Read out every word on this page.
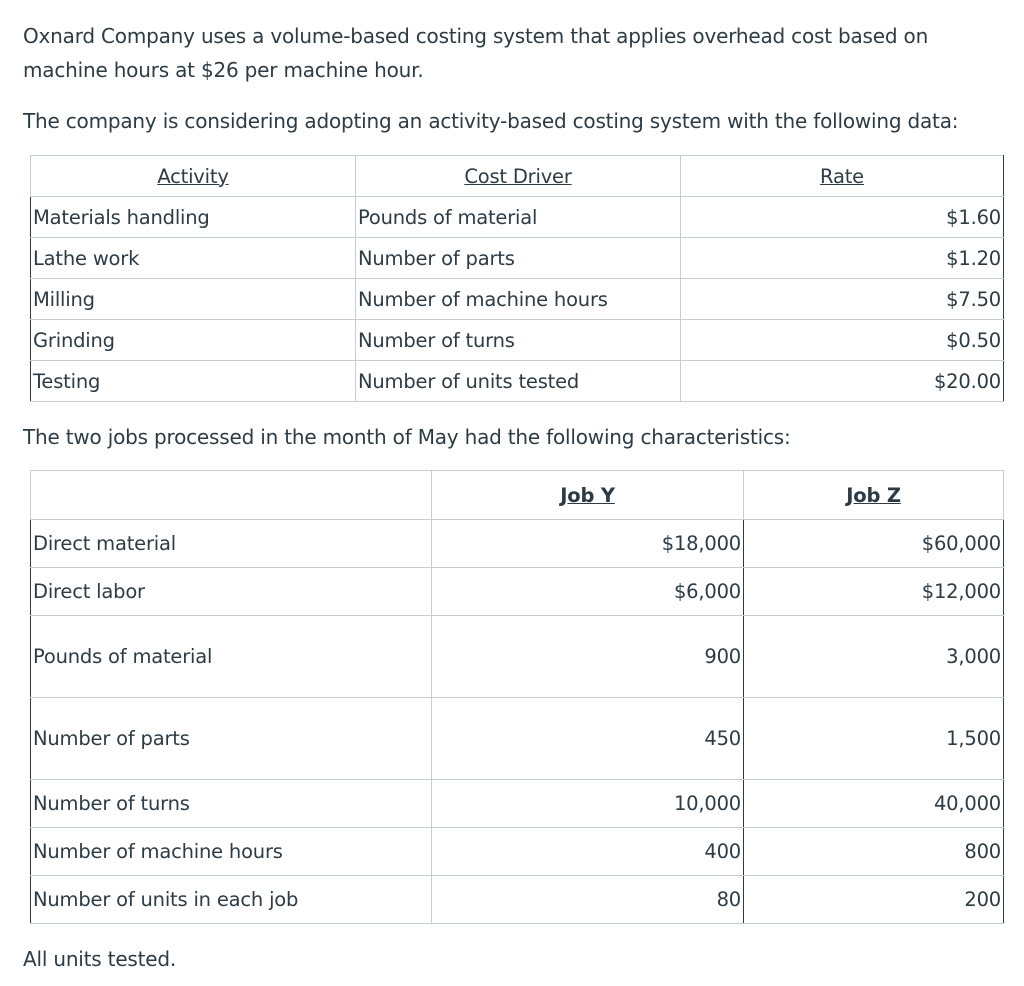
Oxnard Company uses a volume-based costing system that applies overhead cost based on
machine hours at $26 per machine hour.

The company is considering adopting an activity-based costing system with the following data:

Activity	Cost Driver	Rate
Materials handling	Pounds of material	$1.60
Lathe work	Number of parts	$1.20
Milling	Number of machine hours	$7.50
Grinding	Number of turns	$0.50
Testing	Number of units tested	$20.00

The two jobs processed in the month of May had the following characteristics:

	Job Y	Job Z
Direct material	$18,000	$60,000
Direct labor	$6,000	$12,000
Pounds of material	900	3,000
Number of parts	450	1,500
Number of turns	10,000	40,000
Number of machine hours	400	800
Number of units in each job	80	200

All units tested.
